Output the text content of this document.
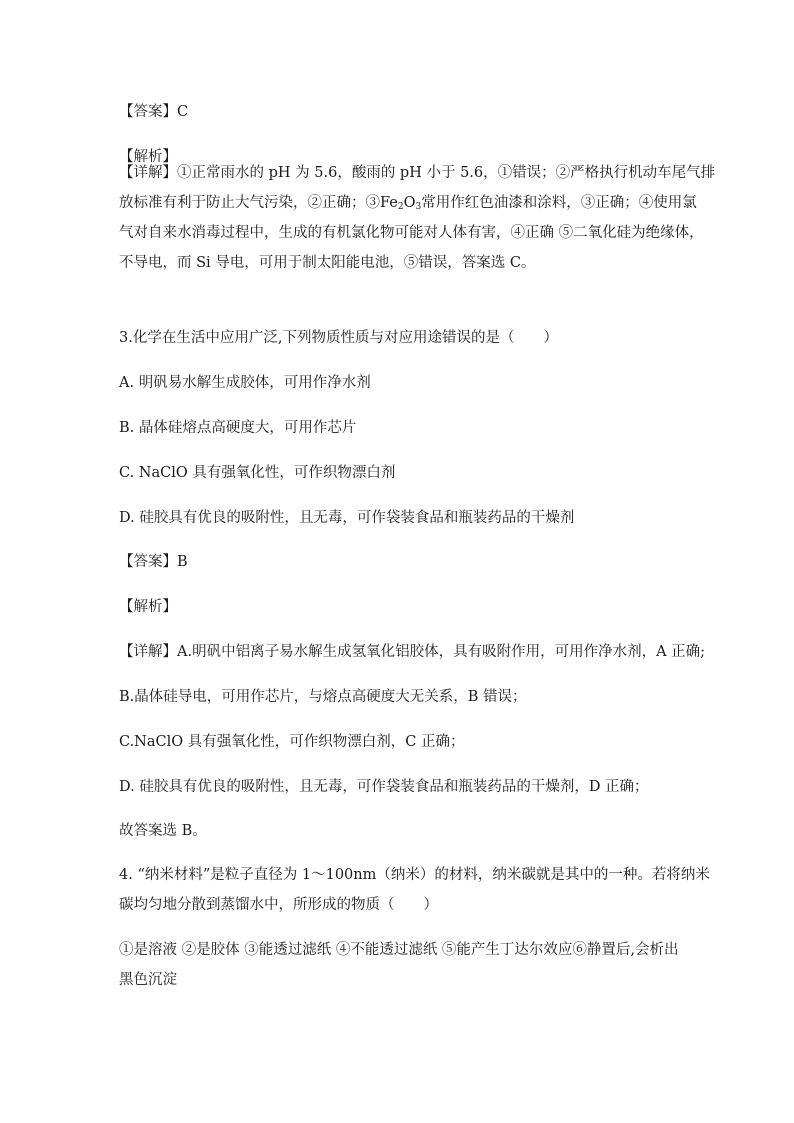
【答案】C
【解析】
【详解】①正常雨水的 pH 为 5.6，酸雨的 pH 小于 5.6，①错误；②严格执行机动车尾气排
放标准有利于防止大气污染，②正确；$③Fe_2O_3$常用作红色油漆和涂料，③正确；④使用氯
气对自来水消毒过程中，生成的有机氯化物可能对人体有害，④正确 ⑤二氧化硅为绝缘体，
不导电，而 Si 导电，可用于制太阳能电池，⑤错误，答案选 C。
3.化学在生活中应用广泛,下列物质性质与对应用途错误的是（　　）
A. 明矾易水解生成胶体，可用作净水剂
B. 晶体硅熔点高硬度大，可用作芯片
C. NaClO 具有强氧化性，可作织物漂白剂
D. 硅胶具有优良的吸附性，且无毒，可作袋装食品和瓶装药品的干燥剂
【答案】B
【解析】
【详解】A.明矾中铝离子易水解生成氢氧化铝胶体，具有吸附作用，可用作净水剂，A 正确;
B.晶体硅导电，可用作芯片，与熔点高硬度大无关系，B 错误；
C.NaClO 具有强氧化性，可作织物漂白剂，C 正确；
D. 硅胶具有优良的吸附性，且无毒，可作袋装食品和瓶装药品的干燥剂，D 正确；
故答案选 B。
4. “纳米材料”是粒子直径为 1～100nm（纳米）的材料，纳米碳就是其中的一种。若将纳米
碳均匀地分散到蒸馏水中，所形成的物质（　　）
①是溶液 ②是胶体 ③能透过滤纸 ④不能透过滤纸 ⑤能产生丁达尔效应⑥静置后,会析出
黑色沉淀
